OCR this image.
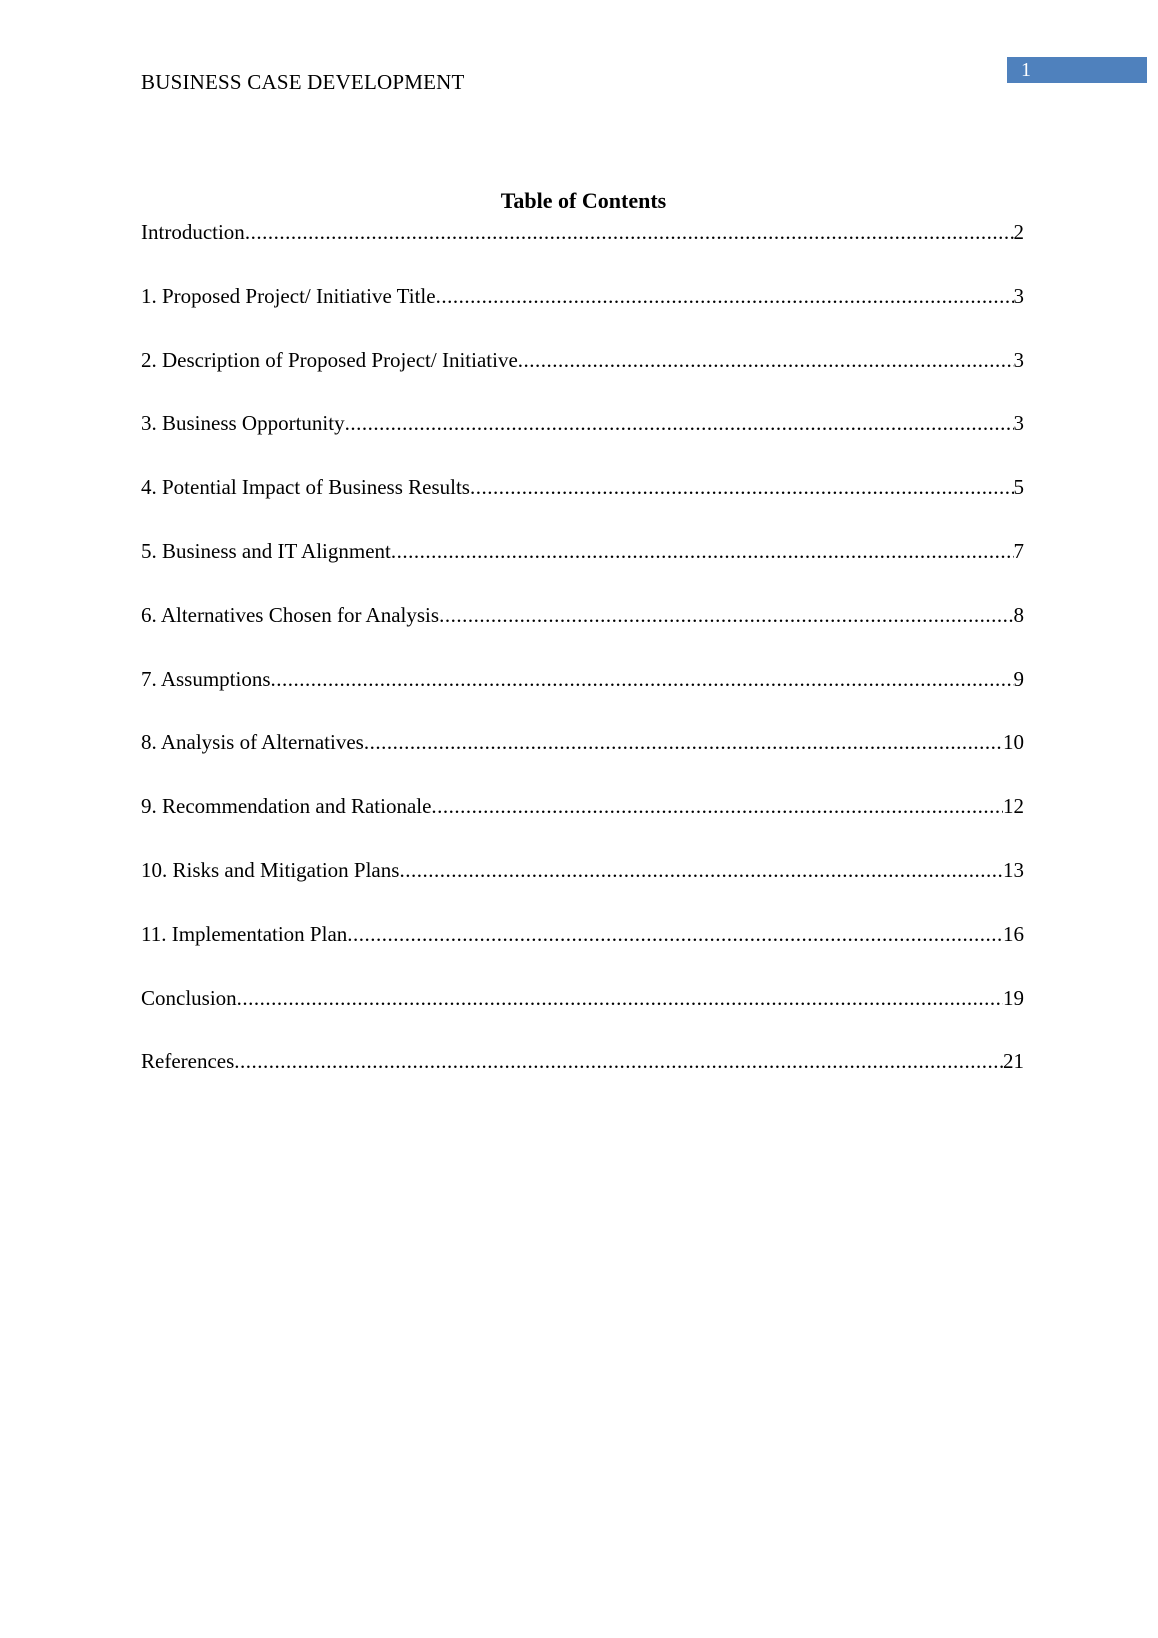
BUSINESS CASE DEVELOPMENT	1
Table of Contents
Introduction .....	2
1. Proposed Project/ Initiative Title .....	3
2. Description of Proposed Project/ Initiative .....	3
3. Business Opportunity .....	3
4. Potential Impact of Business Results .....	5
5. Business and IT Alignment .....	7
6. Alternatives Chosen for Analysis .....	8
7. Assumptions .....	9
8. Analysis of Alternatives .....	10
9. Recommendation and Rationale .....	12
10. Risks and Mitigation Plans .....	13
11. Implementation Plan .....	16
Conclusion .....	19
References .....	21
